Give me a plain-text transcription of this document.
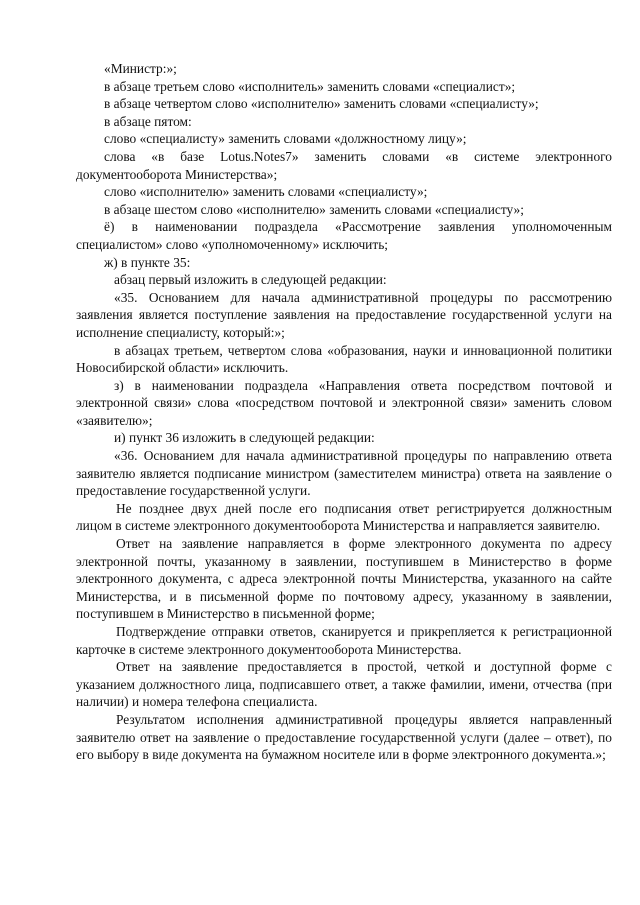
«Министр:»;

в абзаце третьем слово «исполнитель» заменить словами «специалист»;

в абзаце четвертом слово «исполнителю» заменить словами «специалисту»;

в абзаце пятом:

слово «специалисту» заменить словами «должностному лицу»;

слова «в базе Lotus.Notes7» заменить словами «в системе электронного документооборота Министерства»;

слово «исполнителю» заменить словами «специалисту»;

в абзаце шестом слово «исполнителю» заменить словами «специалисту»;

ё) в наименовании подраздела «Рассмотрение заявления уполномоченным специалистом» слово «уполномоченному» исключить;

ж) в пункте 35:

абзац первый изложить в следующей редакции:

«35. Основанием для начала административной процедуры по рассмотрению заявления является поступление заявления на предоставление государственной услуги на исполнение специалисту, который:»;

в абзацах третьем, четвертом слова «образования, науки и инновационной политики Новосибирской области» исключить.

з) в наименовании подраздела «Направления ответа посредством почтовой и электронной связи» слова «посредством почтовой и электронной связи» заменить словом «заявителю»;

и) пункт 36 изложить в следующей редакции:

«36. Основанием для начала административной процедуры по направлению ответа заявителю является подписание министром (заместителем министра) ответа на заявление о предоставление государственной услуги.

Не позднее двух дней после его подписания ответ регистрируется должностным лицом в системе электронного документооборота Министерства и направляется заявителю.

Ответ на заявление направляется в форме электронного документа по адресу электронной почты, указанному в заявлении, поступившем в Министерство в форме электронного документа, с адреса электронной почты Министерства, указанного на сайте Министерства, и в письменной форме по почтовому адресу, указанному в заявлении, поступившем в Министерство в письменной форме;

Подтверждение отправки ответов, сканируется и прикрепляется к регистрационной карточке в системе электронного документооборота Министерства.

Ответ на заявление предоставляется в простой, четкой и доступной форме с указанием должностного лица, подписавшего ответ, а также фамилии, имени, отчества (при наличии) и номера телефона специалиста.

Результатом исполнения административной процедуры является направленный заявителю ответ на заявление о предоставление государственной услуги (далее – ответ), по его выбору в виде документа на бумажном носителе или в форме электронного документа.»;
